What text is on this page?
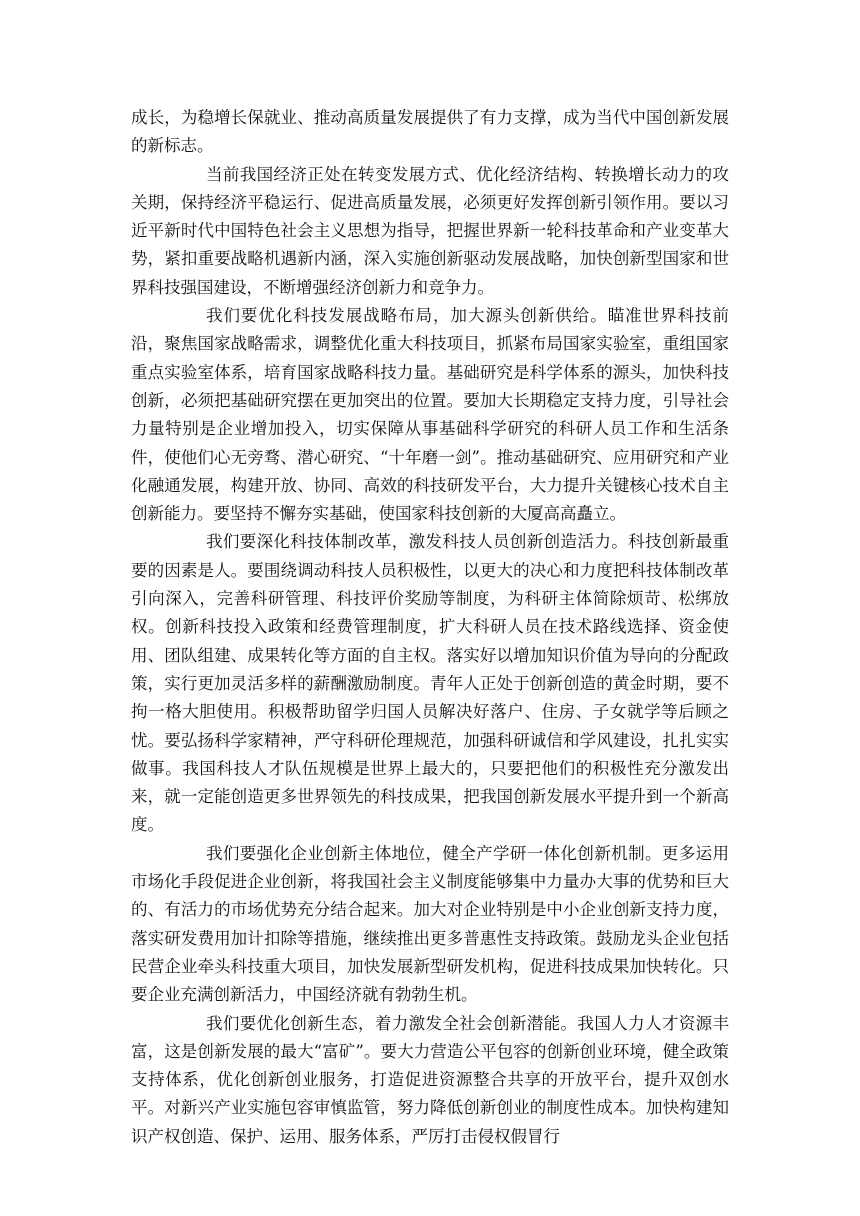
成长，为稳增长保就业、推动高质量发展提供了有力支撑，成为当代中国创新发展的新标志。

当前我国经济正处在转变发展方式、优化经济结构、转换增长动力的攻关期，保持经济平稳运行、促进高质量发展，必须更好发挥创新引领作用。要以习近平新时代中国特色社会主义思想为指导，把握世界新一轮科技革命和产业变革大势，紧扣重要战略机遇新内涵，深入实施创新驱动发展战略，加快创新型国家和世界科技强国建设，不断增强经济创新力和竞争力。

我们要优化科技发展战略布局，加大源头创新供给。瞄准世界科技前沿，聚焦国家战略需求，调整优化重大科技项目，抓紧布局国家实验室，重组国家重点实验室体系，培育国家战略科技力量。基础研究是科学体系的源头，加快科技创新，必须把基础研究摆在更加突出的位置。要加大长期稳定支持力度，引导社会力量特别是企业增加投入，切实保障从事基础科学研究的科研人员工作和生活条件，使他们心无旁骛、潜心研究、“十年磨一剑”。推动基础研究、应用研究和产业化融通发展，构建开放、协同、高效的科技研发平台，大力提升关键核心技术自主创新能力。要坚持不懈夯实基础，使国家科技创新的大厦高高矗立。

我们要深化科技体制改革，激发科技人员创新创造活力。科技创新最重要的因素是人。要围绕调动科技人员积极性，以更大的决心和力度把科技体制改革引向深入，完善科研管理、科技评价奖励等制度，为科研主体简除烦苛、松绑放权。创新科技投入政策和经费管理制度，扩大科研人员在技术路线选择、资金使用、团队组建、成果转化等方面的自主权。落实好以增加知识价值为导向的分配政策，实行更加灵活多样的薪酬激励制度。青年人正处于创新创造的黄金时期，要不拘一格大胆使用。积极帮助留学归国人员解决好落户、住房、子女就学等后顾之忧。要弘扬科学家精神，严守科研伦理规范，加强科研诚信和学风建设，扎扎实实做事。我国科技人才队伍规模是世界上最大的，只要把他们的积极性充分激发出来，就一定能创造更多世界领先的科技成果，把我国创新发展水平提升到一个新高度。

我们要强化企业创新主体地位，健全产学研一体化创新机制。更多运用市场化手段促进企业创新，将我国社会主义制度能够集中力量办大事的优势和巨大的、有活力的市场优势充分结合起来。加大对企业特别是中小企业创新支持力度，落实研发费用加计扣除等措施，继续推出更多普惠性支持政策。鼓励龙头企业包括民营企业牵头科技重大项目，加快发展新型研发机构，促进科技成果加快转化。只要企业充满创新活力，中国经济就有勃勃生机。

我们要优化创新生态，着力激发全社会创新潜能。我国人力人才资源丰富，这是创新发展的最大“富矿”。要大力营造公平包容的创新创业环境，健全政策支持体系，优化创新创业服务，打造促进资源整合共享的开放平台，提升双创水平。对新兴产业实施包容审慎监管，努力降低创新创业的制度性成本。加快构建知识产权创造、保护、运用、服务体系，严厉打击侵权假冒行
